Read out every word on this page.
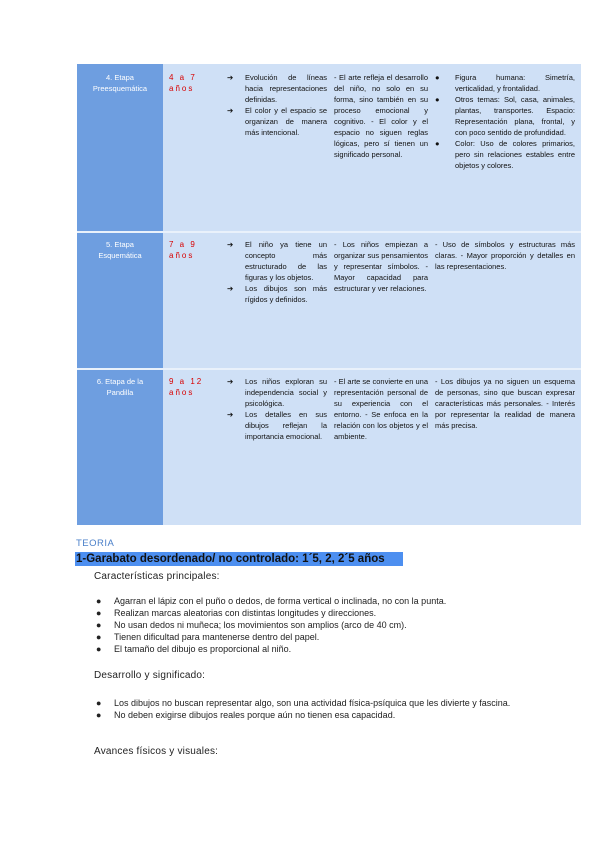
4. Etapa
Preesquemática
4 a 7
años
➔ Evolución de líneas hacia representaciones definidas.
➔ El color y el espacio se organizan de manera más intencional.
- El arte refleja el desarrollo del niño, no solo en su forma, sino también en su proceso emocional y cognitivo. - El color y el espacio no siguen reglas lógicas, pero sí tienen un significado personal.
● Figura humana: Simetría, verticalidad, y frontalidad.
● Otros temas: Sol, casa, animales, plantas, transportes. Espacio: Representación plana, frontal, y con poco sentido de profundidad.
● Color: Uso de colores primarios, pero sin relaciones estables entre objetos y colores.
5. Etapa
Esquemática
7 a 9
años
➔ El niño ya tiene un concepto más estructurado de las figuras y los objetos.
➔ Los dibujos son más rígidos y definidos.
- Los niños empiezan a organizar sus pensamientos y representar símbolos. - Mayor capacidad para estructurar y ver relaciones.
- Uso de símbolos y estructuras más claras. - Mayor proporción y detalles en las representaciones.
6. Etapa de la
Pandilla
9 a 12
años
➔ Los niños exploran su independencia social y psicológica.
➔ Los detalles en sus dibujos reflejan la importancia emocional.
- El arte se convierte en una representación personal de su experiencia con el entorno. - Se enfoca en la relación con los objetos y el ambiente.
- Los dibujos ya no siguen un esquema de personas, sino que buscan expresar características más personales. - Interés por representar la realidad de manera más precisa.
TEORIA
1-Garabato desordenado/ no controlado: 1´5, 2, 2´5 años
Características principales:
● Agarran el lápiz con el puño o dedos, de forma vertical o inclinada, no con la punta.
● Realizan marcas aleatorias con distintas longitudes y direcciones.
● No usan dedos ni muñeca; los movimientos son amplios (arco de 40 cm).
● Tienen dificultad para mantenerse dentro del papel.
● El tamaño del dibujo es proporcional al niño.
Desarrollo y significado:
● Los dibujos no buscan representar algo, son una actividad física-psíquica que les divierte y fascina.
● No deben exigirse dibujos reales porque aún no tienen esa capacidad.
Avances físicos y visuales:
